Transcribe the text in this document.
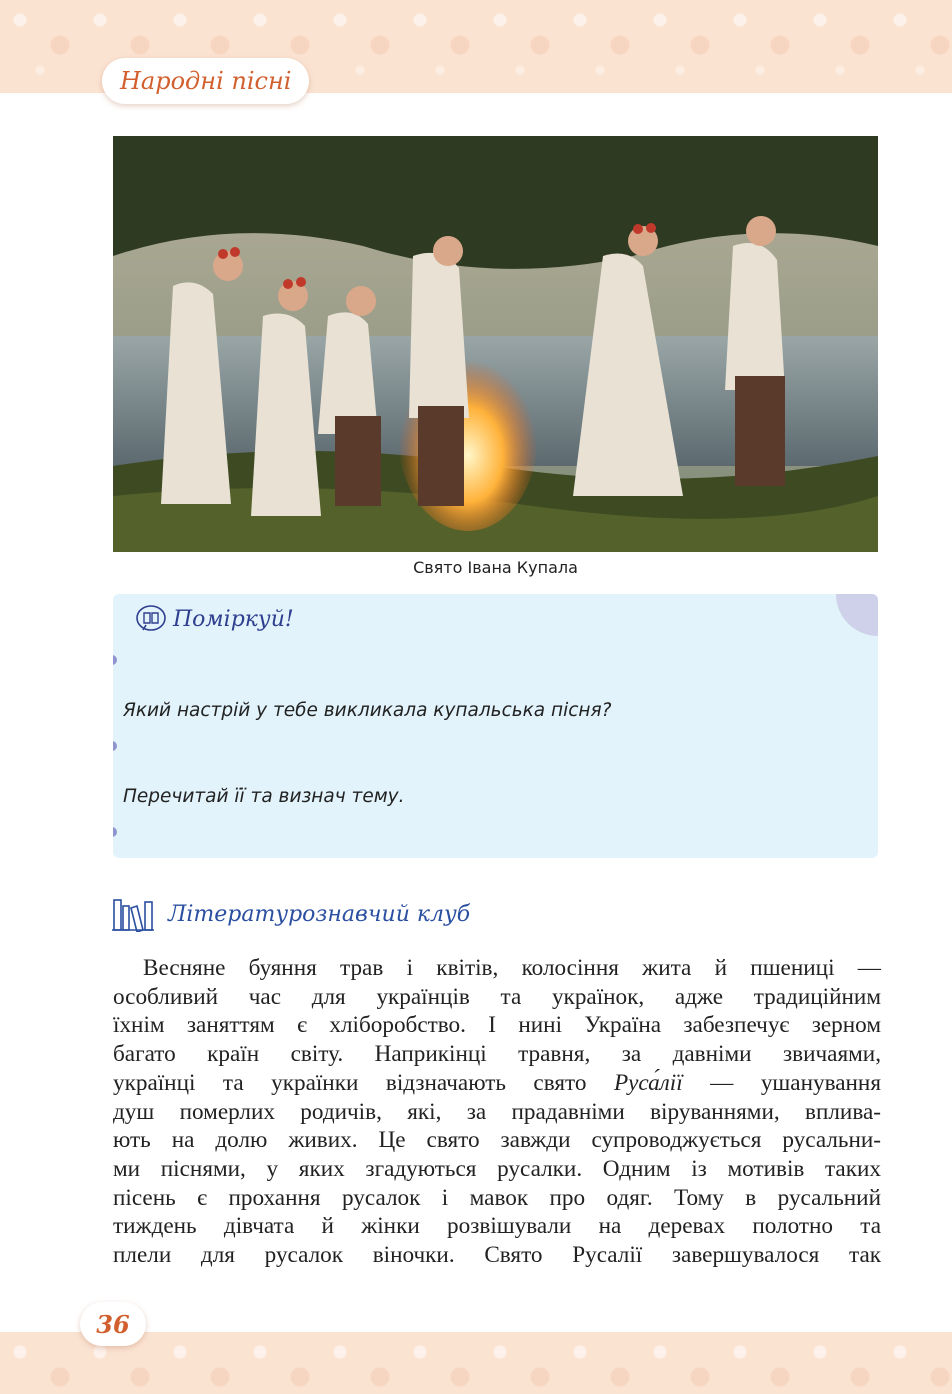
Народні пісні
Свято Івана Купала
Поміркуй!

Який настрій у тебе викликала купальська пісня?

Перечитай її та визнач тему.

Літературознавчий клуб

Весняне буяння трав і квітів, колосіння жита й пшениці —
особливий час для українців та українок, адже традиційним
їхнім заняттям є хліборобство. І нині Україна забезпечує зерном
багато країн світу. Наприкінці травня, за давніми звичаями,
українці та українки відзначають свято Руса́лії — ушанування
душ померлих родичів, які, за прадавніми віруваннями, вплива-
ють на долю живих. Це свято завжди супроводжується русальни-
ми піснями, у яких згадуються русалки. Одним із мотивів таких
пісень є прохання русалок і мавок про одяг. Тому в русальний
тиждень дівчата й жінки розвішували на деревах полотно та
плели для русалок віночки. Свято Русалії завершувалося так

36
